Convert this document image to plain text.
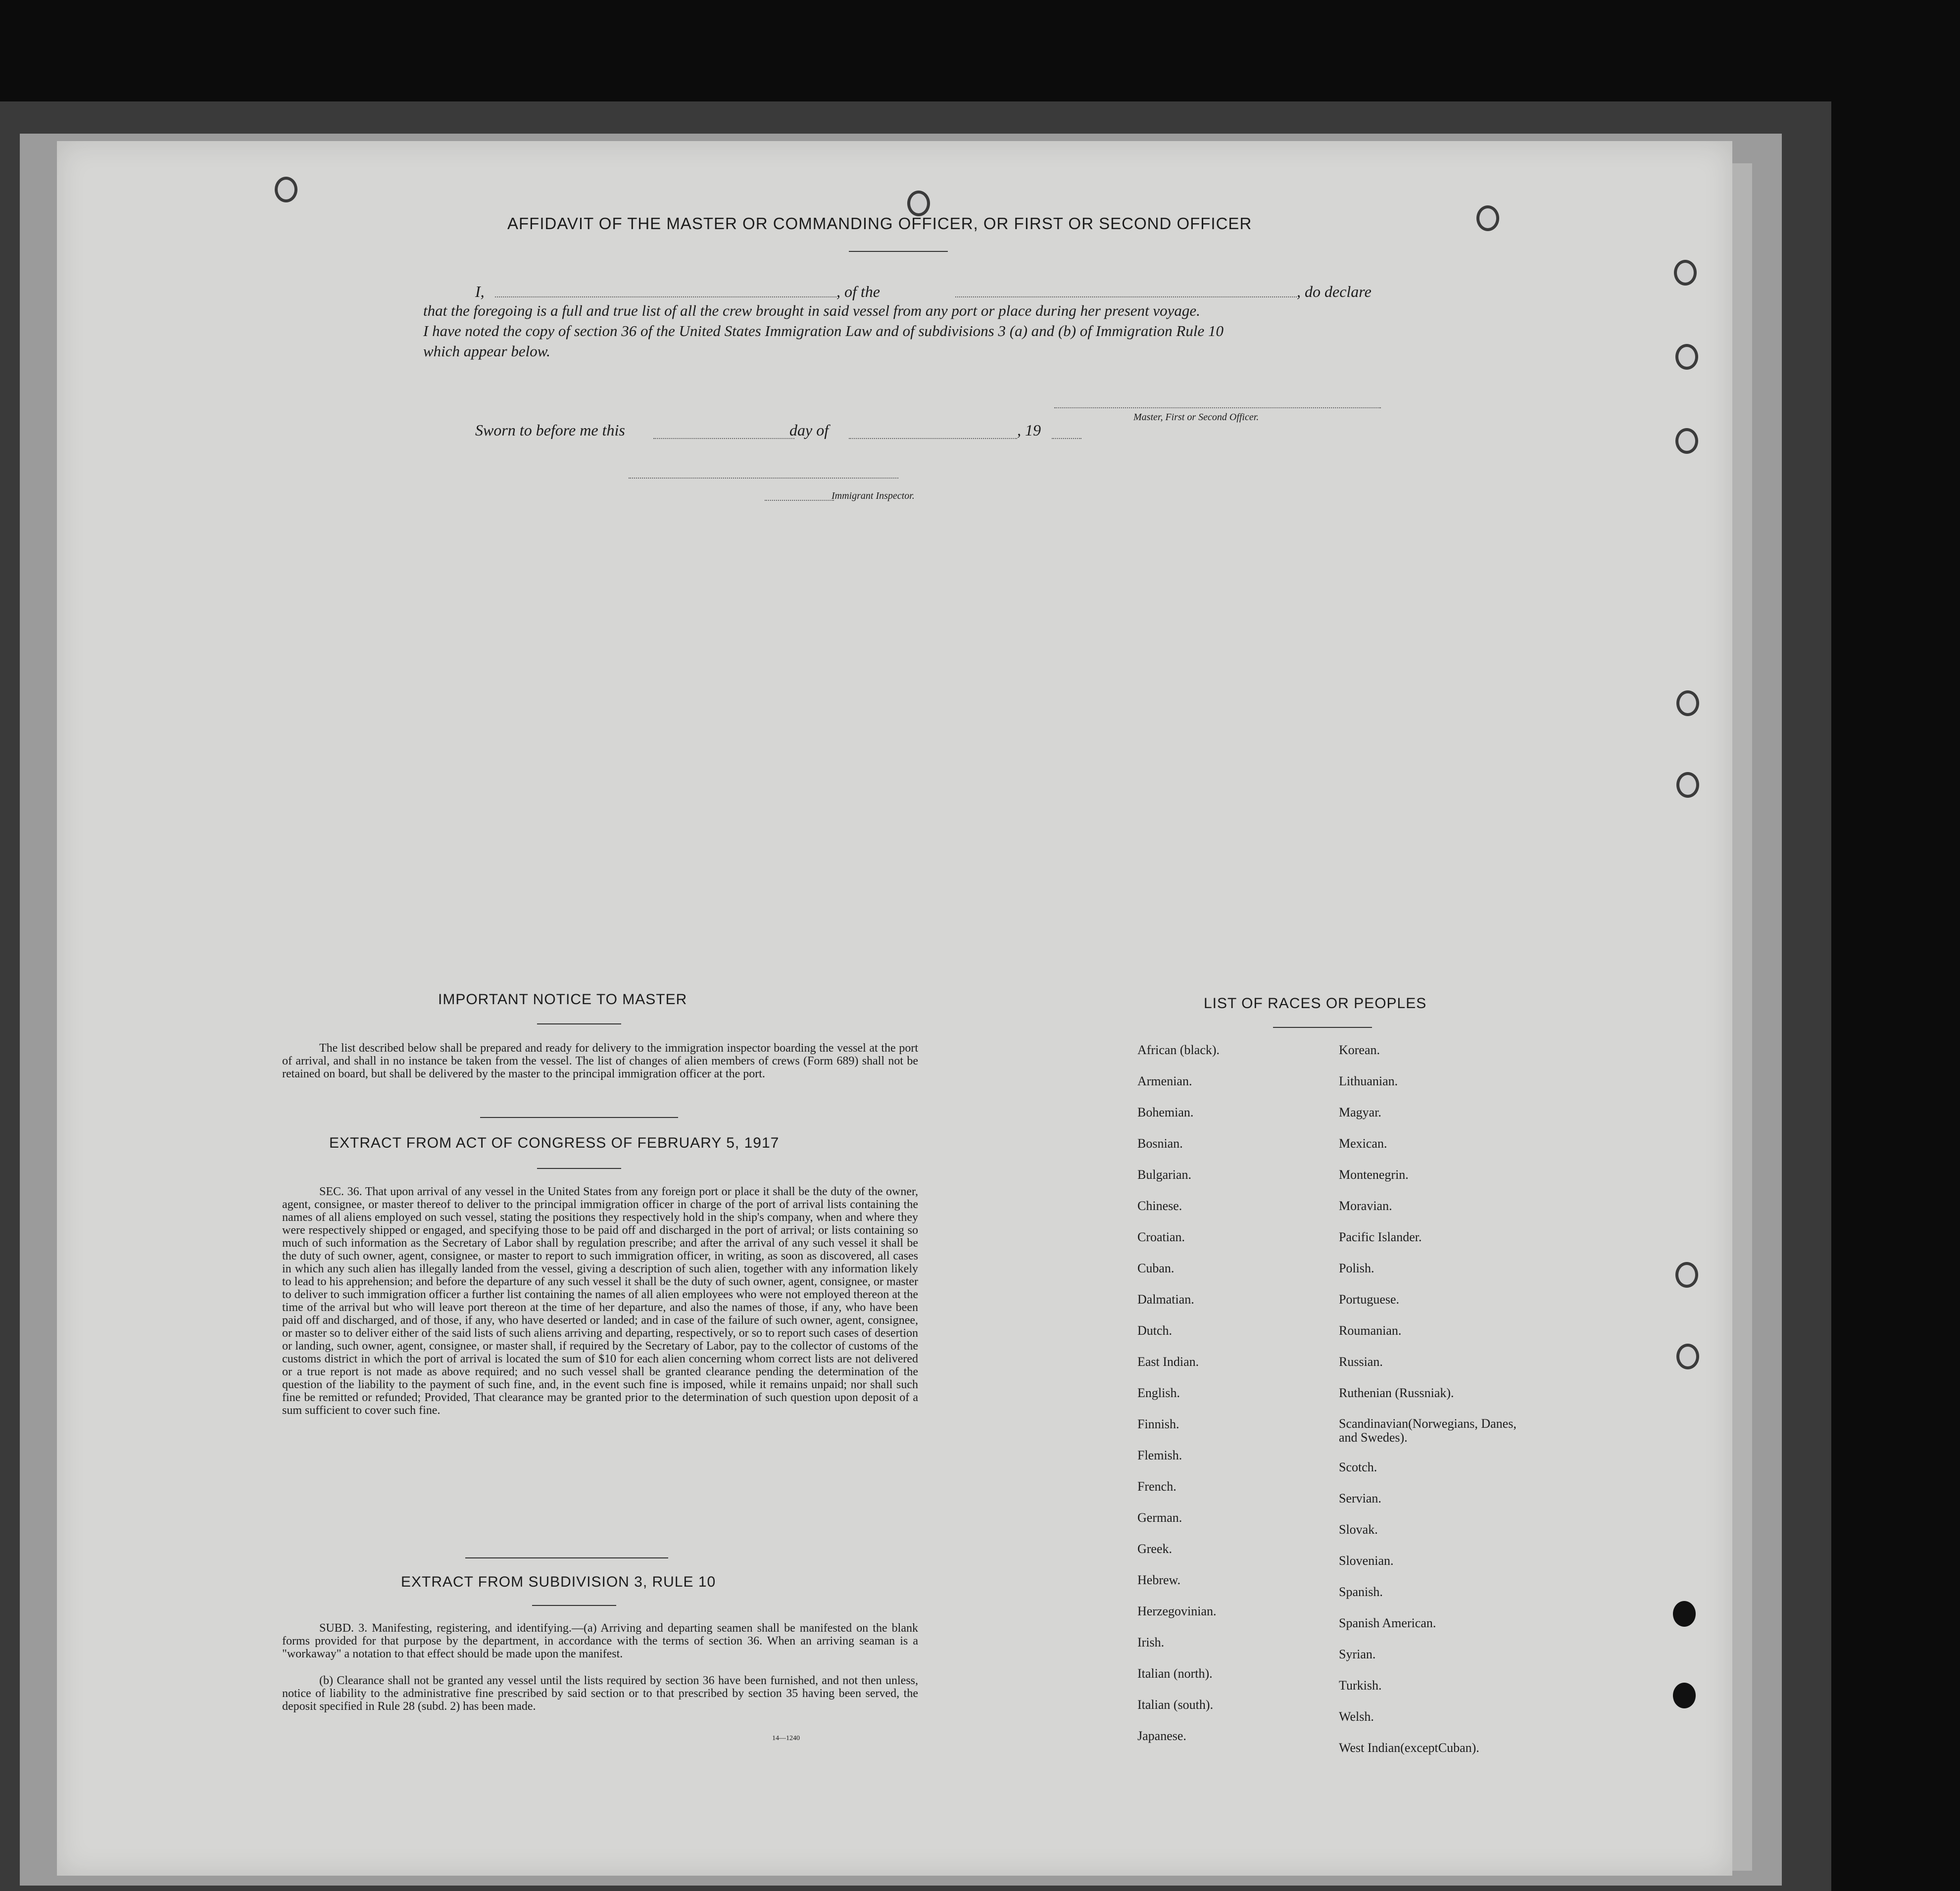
AFFIDAVIT OF THE MASTER OR COMMANDING OFFICER, OR FIRST OR SECOND OFFICER
I,	, of the	, do declare
that the foregoing is a full and true list of all the crew brought in said vessel from any port or place during her present voyage.
I have noted the copy of section 36 of the United States Immigration Law and of subdivisions 3 (a) and (b) of Immigration Rule 10
which appear below.
Master, First or Second Officer.
Sworn to before me this	day of	, 19
Immigrant Inspector.
IMPORTANT NOTICE TO MASTER
The list described below shall be prepared and ready for delivery to the immigration inspector boarding the vessel at the port of arrival, and shall in no instance be taken from the vessel. The list of changes of alien members of crews (Form 689) shall not be retained on board, but shall be delivered by the master to the principal immigration officer at the port.
EXTRACT FROM ACT OF CONGRESS OF FEBRUARY 5, 1917
SEC. 36. That upon arrival of any vessel in the United States from any foreign port or place it shall be the duty of the owner, agent, consignee, or master thereof to deliver to the principal immigration officer in charge of the port of arrival lists containing the names of all aliens employed on such vessel, stating the positions they respectively hold in the ship's company, when and where they were respectively shipped or engaged, and specifying those to be paid off and discharged in the port of arrival; or lists containing so much of such information as the Secretary of Labor shall by regulation prescribe; and after the arrival of any such vessel it shall be the duty of such owner, agent, consignee, or master to report to such immigration officer, in writing, as soon as discovered, all cases in which any such alien has illegally landed from the vessel, giving a description of such alien, together with any information likely to lead to his apprehension; and before the departure of any such vessel it shall be the duty of such owner, agent, consignee, or master to deliver to such immigration officer a further list containing the names of all alien employees who were not employed thereon at the time of the arrival but who will leave port thereon at the time of her departure, and also the names of those, if any, who have been paid off and discharged, and of those, if any, who have deserted or landed; and in case of the failure of such owner, agent, consignee, or master so to deliver either of the said lists of such aliens arriving and departing, respectively, or so to report such cases of desertion or landing, such owner, agent, consignee, or master shall, if required by the Secretary of Labor, pay to the collector of customs of the customs district in which the port of arrival is located the sum of $10 for each alien concerning whom correct lists are not delivered or a true report is not made as above required; and no such vessel shall be granted clearance pending the determination of the question of the liability to the payment of such fine, and, in the event such fine is imposed, while it remains unpaid; nor shall such fine be remitted or refunded; Provided, That clearance may be granted prior to the determination of such question upon deposit of a sum sufficient to cover such fine.
EXTRACT FROM SUBDIVISION 3, RULE 10
SUBD. 3. Manifesting, registering, and identifying.—(a) Arriving and departing seamen shall be manifested on the blank forms provided for that purpose by the department, in accordance with the terms of section 36. When an arriving seaman is a "workaway" a notation to that effect should be made upon the manifest.
(b) Clearance shall not be granted any vessel until the lists required by section 36 have been furnished, and not then unless, notice of liability to the administrative fine prescribed by said section or to that prescribed by section 35 having been served, the deposit specified in Rule 28 (subd. 2) has been made.
14—1240
LIST OF RACES OR PEOPLES
African (black).
Armenian.
Bohemian.
Bosnian.
Bulgarian.
Chinese.
Croatian.
Cuban.
Dalmatian.
Dutch.
East Indian.
English.
Finnish.
Flemish.
French.
German.
Greek.
Hebrew.
Herzegovinian.
Irish.
Italian (north).
Italian (south).
Japanese.
Korean.
Lithuanian.
Magyar.
Mexican.
Montenegrin.
Moravian.
Pacific Islander.
Polish.
Portuguese.
Roumanian.
Russian.
Ruthenian (Russniak).
Scandinavian(Norwegians, Danes, and Swedes).
Scotch.
Servian.
Slovak.
Slovenian.
Spanish.
Spanish American.
Syrian.
Turkish.
Welsh.
West Indian(exceptCuban).
